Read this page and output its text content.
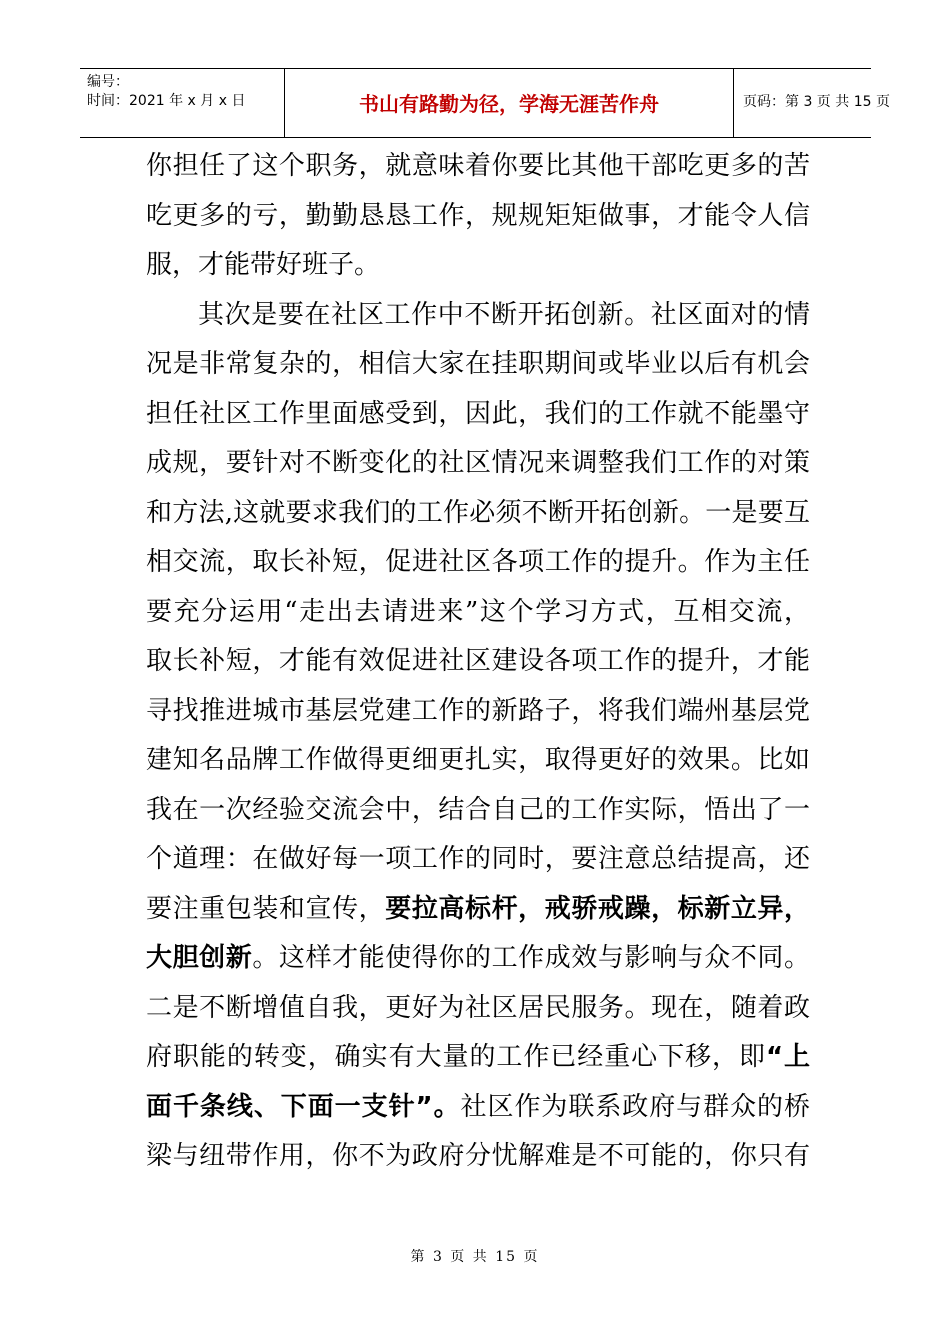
编号：
时间：2021 年 x 月 x 日	书山有路勤为径，学海无涯苦作舟	页码：第 3 页 共 15 页
你担任了这个职务，就意味着你要比其他干部吃更多的苦
吃更多的亏，勤勤恳恳工作，规规矩矩做事，才能令人信
服，才能带好班子。
其次是要在社区工作中不断开拓创新。社区面对的情
况是非常复杂的，相信大家在挂职期间或毕业以后有机会
担任社区工作里面感受到，因此，我们的工作就不能墨守
成规，要针对不断变化的社区情况来调整我们工作的对策
和方法,这就要求我们的工作必须不断开拓创新。一是要互
相交流，取长补短，促进社区各项工作的提升。作为主任
要充分运用“走出去请进来”这个学习方式，互相交流，
取长补短，才能有效促进社区建设各项工作的提升，才能
寻找推进城市基层党建工作的新路子，将我们端州基层党
建知名品牌工作做得更细更扎实，取得更好的效果。比如
我在一次经验交流会中，结合自己的工作实际，悟出了一
个道理：在做好每一项工作的同时，要注意总结提高，还
要注重包装和宣传，要拉高标杆，戒骄戒躁，标新立异，
大胆创新。这样才能使得你的工作成效与影响与众不同。
二是不断增值自我，更好为社区居民服务。现在，随着政
府职能的转变，确实有大量的工作已经重心下移，即“上
面千条线、下面一支针”。社区作为联系政府与群众的桥
梁与纽带作用，你不为政府分忧解难是不可能的，你只有
第 3 页 共 15 页
